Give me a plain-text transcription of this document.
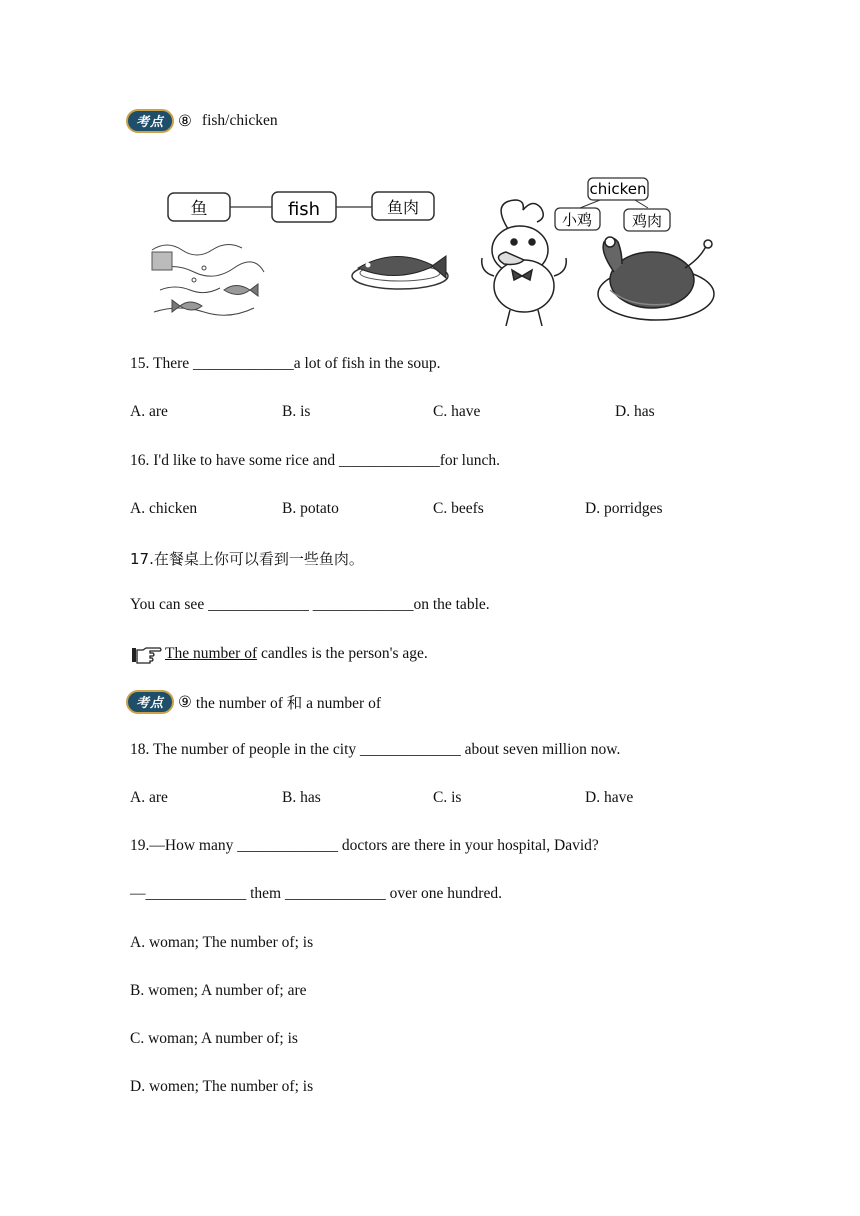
考点 ⑧ fish/chicken
鱼	fish	鱼肉
chicken
小鸡	鸡肉
15. There _____________a lot of fish in the soup.
A. are	B. is	C. have	D. has
16. I'd like to have some rice and _____________for lunch.
A. chicken	B. potato	C. beefs	D. porridges
17.在餐桌上你可以看到一些鱼肉。
You can see _____________ _____________on the table.
The number of candles is the person's age.
考点 ⑨ the number of 和 a number of
18. The number of people in the city _____________ about seven million now.
A. are	B. has	C. is	D. have
19.—How many _____________ doctors are there in your hospital, David?
—_____________ them _____________ over one hundred.
A. woman; The number of; is
B. women; A number of; are
C. woman; A number of; is
D. women; The number of; is
